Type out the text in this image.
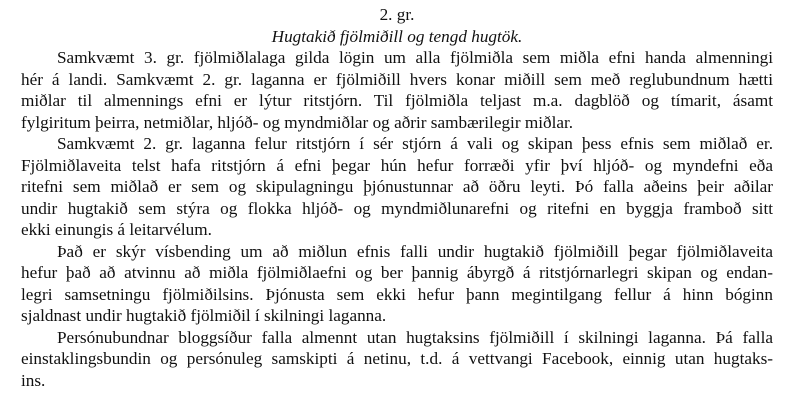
2. gr.
Hugtakið fjölmiðill og tengd hugtök.
Samkvæmt 3. gr. fjölmiðlalaga gilda lögin um alla fjölmiðla sem miðla efni handa almenningi
hér á landi. Samkvæmt 2. gr. laganna er fjölmiðill hvers konar miðill sem með reglubundnum hætti
miðlar til almennings efni er lýtur ritstjórn. Til fjölmiðla teljast m.a. dagblöð og tímarit, ásamt
fylgiritum þeirra, netmiðlar, hljóð- og myndmiðlar og aðrir sambærilegir miðlar.
Samkvæmt 2. gr. laganna felur ritstjórn í sér stjórn á vali og skipan þess efnis sem miðlað er.
Fjölmiðlaveita telst hafa ritstjórn á efni þegar hún hefur forræði yfir því hljóð- og myndefni eða
ritefni sem miðlað er sem og skipulagningu þjónustunnar að öðru leyti. Þó falla aðeins þeir aðilar
undir hugtakið sem stýra og flokka hljóð- og myndmiðlunarefni og ritefni en byggja framboð sitt
ekki einungis á leitarvélum.
Það er skýr vísbending um að miðlun efnis falli undir hugtakið fjölmiðill þegar fjölmiðlaveita
hefur það að atvinnu að miðla fjölmiðlaefni og ber þannig ábyrgð á ritstjórnarlegri skipan og endan-
legri samsetningu fjölmiðilsins. Þjónusta sem ekki hefur þann megintilgang fellur á hinn bóginn
sjaldnast undir hugtakið fjölmiðil í skilningi laganna.
Persónubundnar bloggsíður falla almennt utan hugtaksins fjölmiðill í skilningi laganna. Þá falla
einstaklingsbundin og persónuleg samskipti á netinu, t.d. á vettvangi Facebook, einnig utan hugtaks-
ins.
